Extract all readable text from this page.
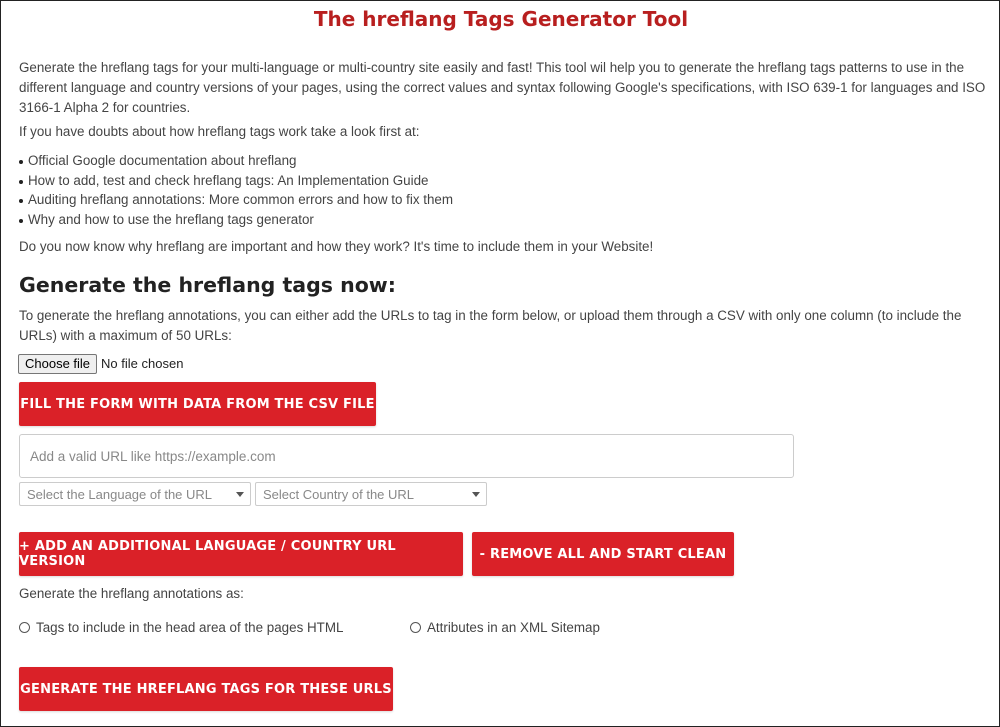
The hreflang Tags Generator Tool

Generate the hreflang tags for your multi-language or multi-country site easily and fast! This tool wil help you to generate the hreflang tags patterns to use in the different language and country versions of your pages, using the correct values and syntax following Google's specifications, with ISO 639-1 for languages and ISO 3166-1 Alpha 2 for countries.

If you have doubts about how hreflang tags work take a look first at:

Official Google documentation about hreflang
How to add, test and check hreflang tags: An Implementation Guide
Auditing hreflang annotations: More common errors and how to fix them
Why and how to use the hreflang tags generator

Do you now know why hreflang are important and how they work? It's time to include them in your Website!

Generate the hreflang tags now:

To generate the hreflang annotations, you can either add the URLs to tag in the form below, or upload them through a CSV with only one column (to include the URLs) with a maximum of 50 URLs:

Choose file No file chosen
FILL THE FORM WITH DATA FROM THE CSV FILE
Add a valid URL like https://example.com
Select the Language of the URL	Select Country of the URL
+ ADD AN ADDITIONAL LANGUAGE / COUNTRY URL VERSION	- REMOVE ALL AND START CLEAN

Generate the hreflang annotations as:

Tags to include in the head area of the pages HTML	Attributes in an XML Sitemap
GENERATE THE HREFLANG TAGS FOR THESE URLS
